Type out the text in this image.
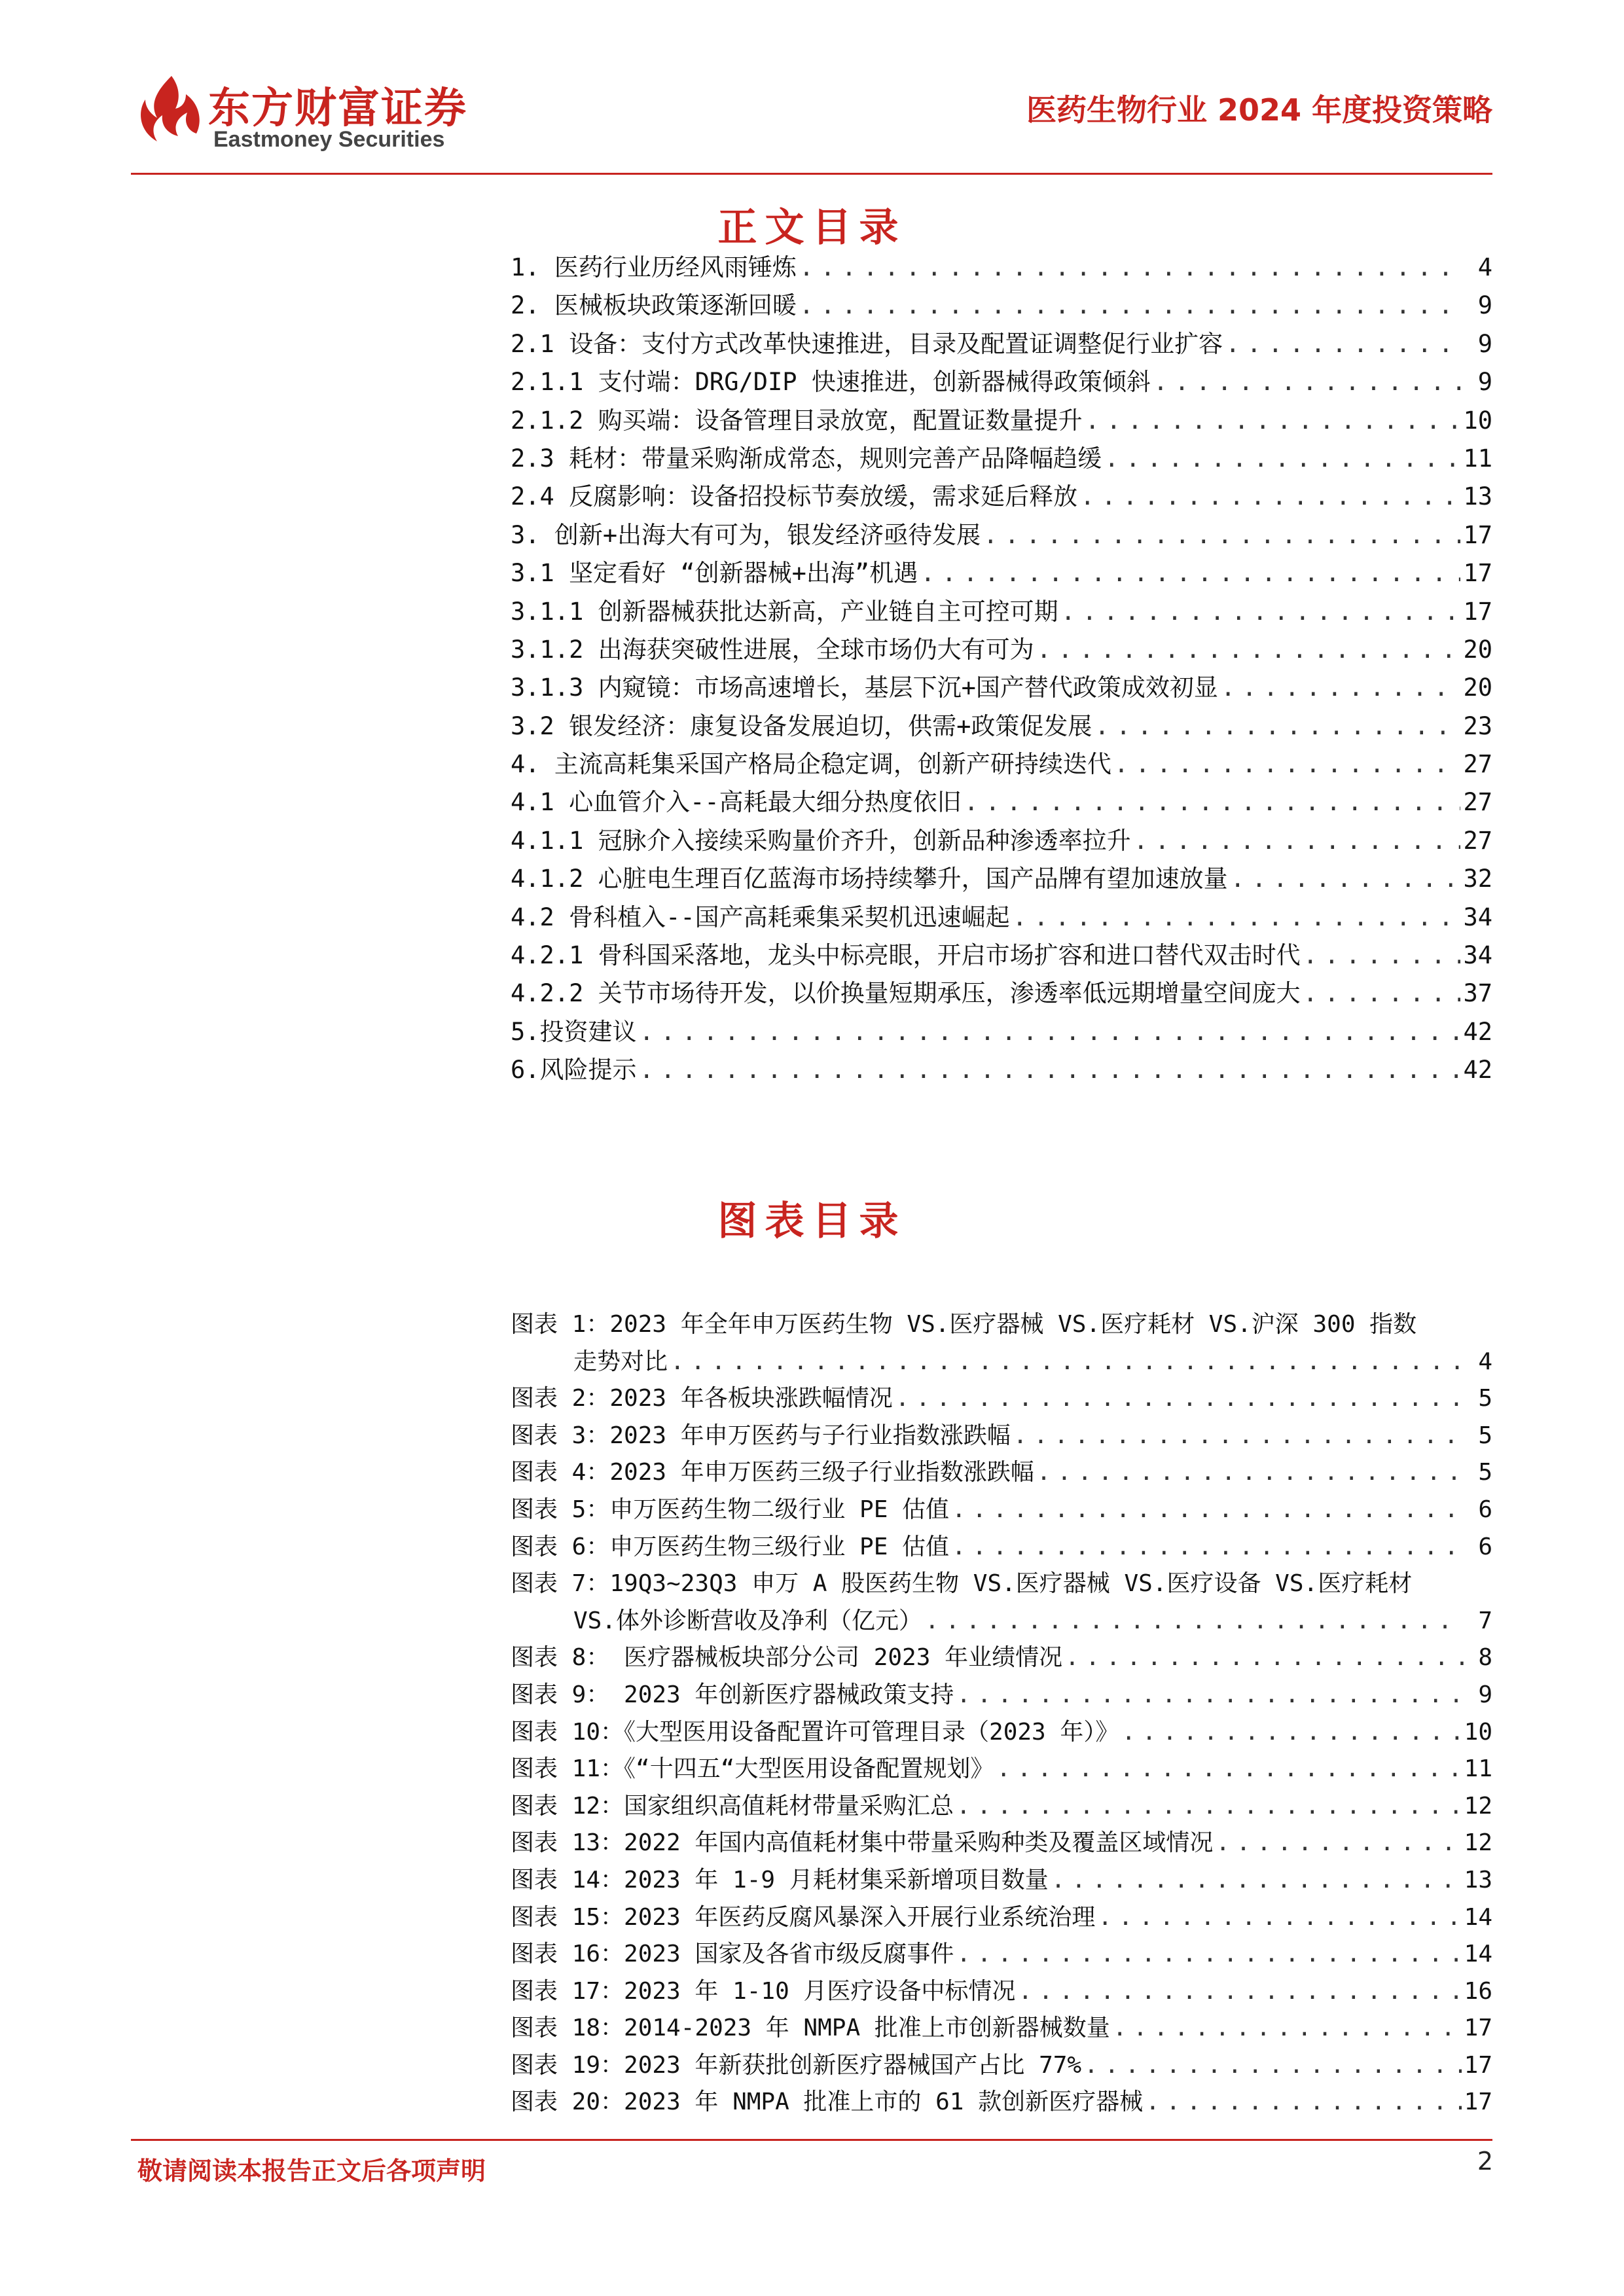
东方财富证券
Eastmoney Securities
医药生物行业 2024 年度投资策略
正文目录
1. 医药行业历经风雨锤炼 . . .	4
2. 医械板块政策逐渐回暖 . . .	9
2.1 设备：支付方式改革快速推进，目录及配置证调整促行业扩容 . . .	9
2.1.1 支付端：DRG/DIP 快速推进，创新器械得政策倾斜 . . .	9
2.1.2 购买端：设备管理目录放宽，配置证数量提升 . . .	10
2.3 耗材：带量采购渐成常态，规则完善产品降幅趋缓 . . .	11
2.4 反腐影响：设备招投标节奏放缓，需求延后释放 . . .	13
3. 创新+出海大有可为，银发经济亟待发展 . . .	17
3.1 坚定看好 “创新器械+出海”机遇 . . .	17
3.1.1 创新器械获批达新高，产业链自主可控可期 . . .	17
3.1.2 出海获突破性进展，全球市场仍大有可为 . . .	20
3.1.3 内窥镜：市场高速增长，基层下沉+国产替代政策成效初显 . . .	20
3.2 银发经济：康复设备发展迫切，供需+政策促发展 . . .	23
4. 主流高耗集采国产格局企稳定调，创新产研持续迭代 . . .	27
4.1 心血管介入--高耗最大细分热度依旧 . . .	27
4.1.1 冠脉介入接续采购量价齐升，创新品种渗透率拉升 . . .	27
4.1.2 心脏电生理百亿蓝海市场持续攀升，国产品牌有望加速放量 . . .	32
4.2 骨科植入--国产高耗乘集采契机迅速崛起 . . .	34
4.2.1 骨科国采落地，龙头中标亮眼，开启市场扩容和进口替代双击时代 . . .	34
4.2.2 关节市场待开发，以价换量短期承压，渗透率低远期增量空间庞大 . . .	37
5.投资建议 . . .	42
6.风险提示 . . .	42
图表目录
图表 1：2023 年全年申万医药生物 VS.医疗器械 VS.医疗耗材 VS.沪深 300 指数
走势对比 . . .	4
图表 2：2023 年各板块涨跌幅情况 . . .	5
图表 3：2023 年申万医药与子行业指数涨跌幅 . . .	5
图表 4：2023 年申万医药三级子行业指数涨跌幅 . . .	5
图表 5：申万医药生物二级行业 PE 估值 . . .	6
图表 6：申万医药生物三级行业 PE 估值 . . .	6
图表 7：19Q3~23Q3 申万 A 股医药生物 VS.医疗器械 VS.医疗设备 VS.医疗耗材
VS.体外诊断营收及净利（亿元） . . .	7
图表 8： 医疗器械板块部分公司 2023 年业绩情况 . . .	8
图表 9： 2023 年创新医疗器械政策支持 . . .	9
图表 10：《大型医用设备配置许可管理目录（2023 年）》 . . .	10
图表 11：《“十四五“大型医用设备配置规划》 . . .	11
图表 12：国家组织高值耗材带量采购汇总 . . .	12
图表 13：2022 年国内高值耗材集中带量采购种类及覆盖区域情况 . . .	12
图表 14：2023 年 1-9 月耗材集采新增项目数量 . . .	13
图表 15：2023 年医药反腐风暴深入开展行业系统治理 . . .	14
图表 16：2023 国家及各省市级反腐事件 . . .	14
图表 17：2023 年 1-10 月医疗设备中标情况 . . .	16
图表 18：2014-2023 年 NMPA 批准上市创新器械数量 . . .	17
图表 19：2023 年新获批创新医疗器械国产占比 77% . . .	17
图表 20：2023 年 NMPA 批准上市的 61 款创新医疗器械 . . .	17
敬请阅读本报告正文后各项声明	2
